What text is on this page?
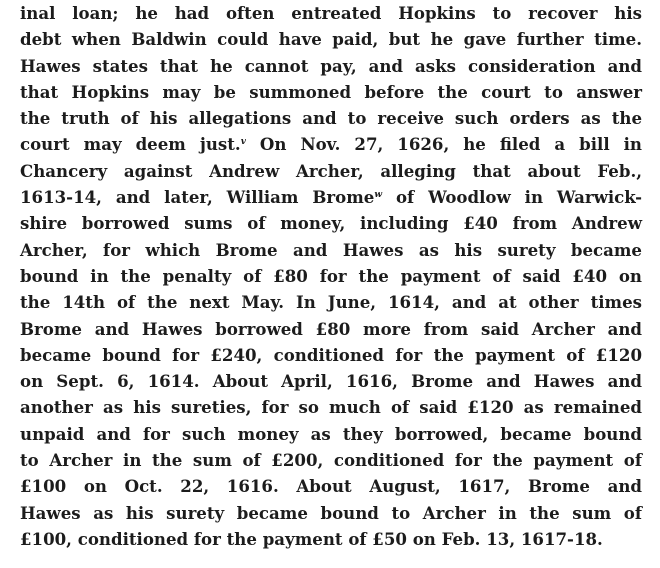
inal loan; he had often entreated Hopkins to recover his
debt when Baldwin could have paid, but he gave further time.
Hawes states that he cannot pay, and asks consideration and
that Hopkins may be summoned before the court to answer
the truth of his allegations and to receive such orders as the
court may deem just.$^v$ On Nov. 27, 1626, he filed a bill in
Chancery against Andrew Archer, alleging that about Feb.,
1613-14, and later, William Brome$^w$ of Woodlow in Warwick-
shire borrowed sums of money, including £40 from Andrew
Archer, for which Brome and Hawes as his surety became
bound in the penalty of £80 for the payment of said £40 on
the 14th of the next May. In June, 1614, and at other times
Brome and Hawes borrowed £80 more from said Archer and
became bound for £240, conditioned for the payment of £120
on Sept. 6, 1614. About April, 1616, Brome and Hawes and
another as his sureties, for so much of said £120 as remained
unpaid and for such money as they borrowed, became bound
to Archer in the sum of £200, conditioned for the payment of
£100 on Oct. 22, 1616. About August, 1617, Brome and
Hawes as his surety became bound to Archer in the sum of
£100, conditioned for the payment of £50 on Feb. 13, 1617-18.
